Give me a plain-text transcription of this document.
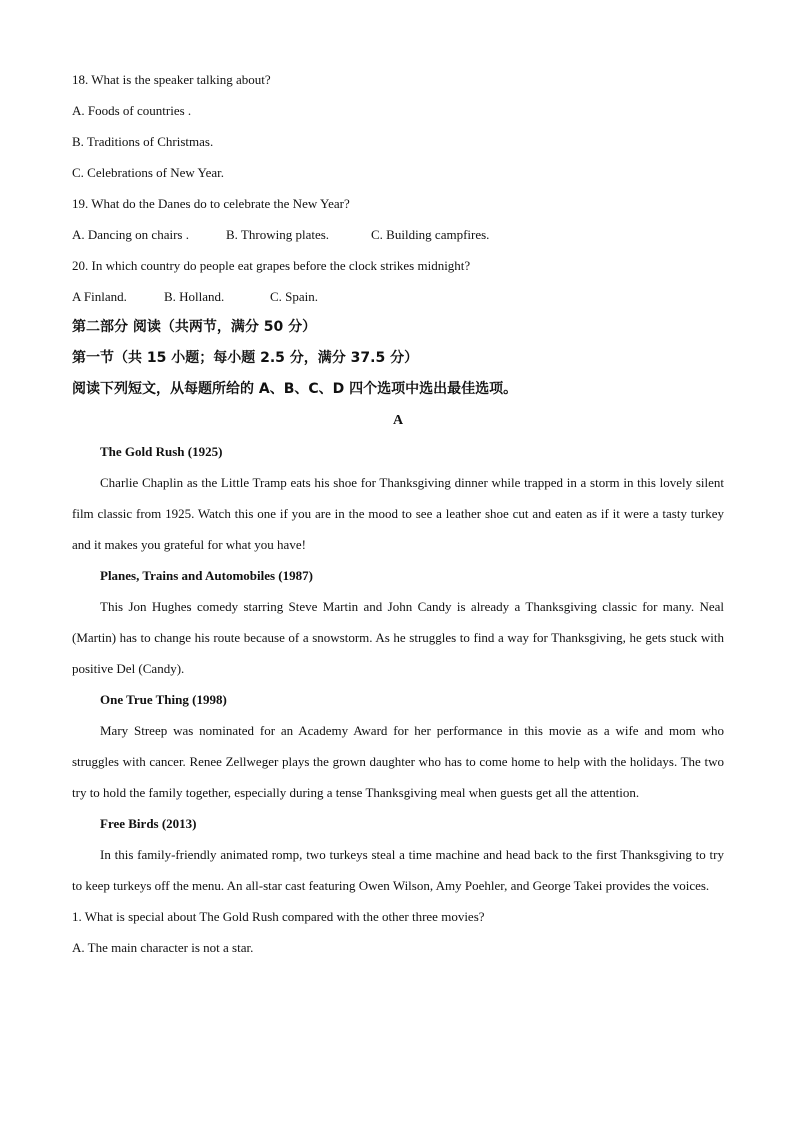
18. What is the speaker talking about?
A. Foods of countries .
B. Traditions of Christmas.
C. Celebrations of New Year.
19. What do the Danes do to celebrate the New Year?
A. Dancing on chairs .	B. Throwing plates.	C. Building campfires.
20. In which country do people eat grapes before the clock strikes midnight?
A Finland.	B. Holland.	C. Spain.
第二部分 阅读（共两节，满分 50 分）
第一节（共 15 小题；每小题 2.5 分，满分 37.5 分）
阅读下列短文，从每题所给的 A、B、C、D 四个选项中选出最佳选项。
A
The Gold Rush (1925)

Charlie Chaplin as the Little Tramp eats his shoe for Thanksgiving dinner while trapped in a storm in this lovely silent film classic from 1925. Watch this one if you are in the mood to see a leather shoe cut and eaten as if it were a tasty turkey and it makes you grateful for what you have!

Planes, Trains and Automobiles (1987)

This Jon Hughes comedy starring Steve Martin and John Candy is already a Thanksgiving classic for many. Neal (Martin) has to change his route because of a snowstorm. As he struggles to find a way for Thanksgiving, he gets stuck with positive Del (Candy).

One True Thing (1998)

Mary Streep was nominated for an Academy Award for her performance in this movie as a wife and mom who struggles with cancer. Renee Zellweger plays the grown daughter who has to come home to help with the holidays. The two try to hold the family together, especially during a tense Thanksgiving meal when guests get all the attention.

Free Birds (2013)

In this family-friendly animated romp, two turkeys steal a time machine and head back to the first Thanksgiving to try to keep turkeys off the menu. An all-star cast featuring Owen Wilson, Amy Poehler, and George Takei provides the voices.

1. What is special about The Gold Rush compared with the other three movies?
A. The main character is not a star.
